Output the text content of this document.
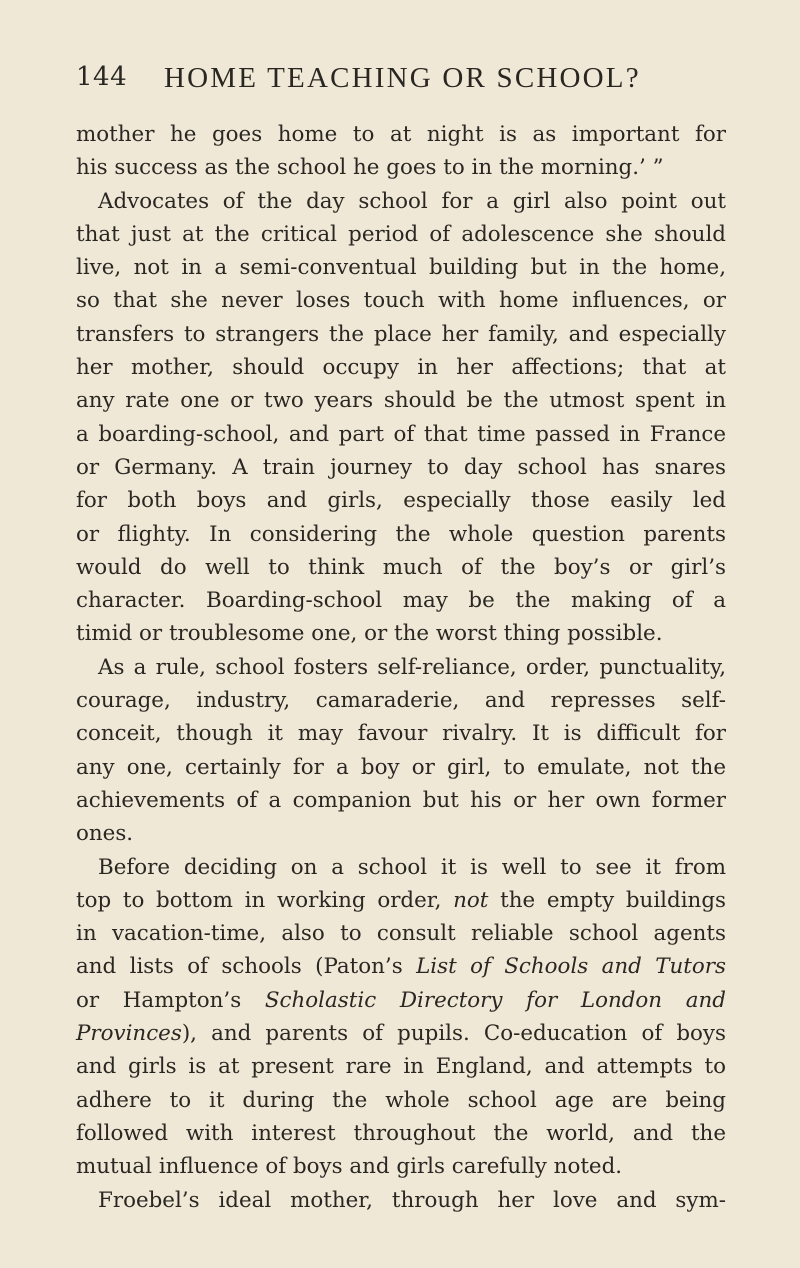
144 HOME TEACHING OR SCHOOL?
mother he goes home to at night is as important for
his success as the school he goes to in the morning.’ ”
Advocates of the day school for a girl also point out
that just at the critical period of adolescence she should
live, not in a semi-conventual building but in the home,
so that she never loses touch with home influences, or
transfers to strangers the place her family, and especially
her mother, should occupy in her affections; that at
any rate one or two years should be the utmost spent in
a boarding-school, and part of that time passed in France
or Germany. A train journey to day school has snares
for both boys and girls, especially those easily led
or flighty. In considering the whole question parents
would do well to think much of the boy’s or girl’s
character. Boarding-school may be the making of a
timid or troublesome one, or the worst thing possible.
As a rule, school fosters self-reliance, order, punctuality,
courage, industry, camaraderie, and represses self-
conceit, though it may favour rivalry. It is difficult for
any one, certainly for a boy or girl, to emulate, not the
achievements of a companion but his or her own former
ones.
Before deciding on a school it is well to see it from
top to bottom in working order, not the empty buildings
in vacation-time, also to consult reliable school agents
and lists of schools (Paton’s List of Schools and Tutors
or Hampton’s Scholastic Directory for London and
Provinces), and parents of pupils. Co-education of boys
and girls is at present rare in England, and attempts to
adhere to it during the whole school age are being
followed with interest throughout the world, and the
mutual influence of boys and girls carefully noted.
Froebel’s ideal mother, through her love and sym-
